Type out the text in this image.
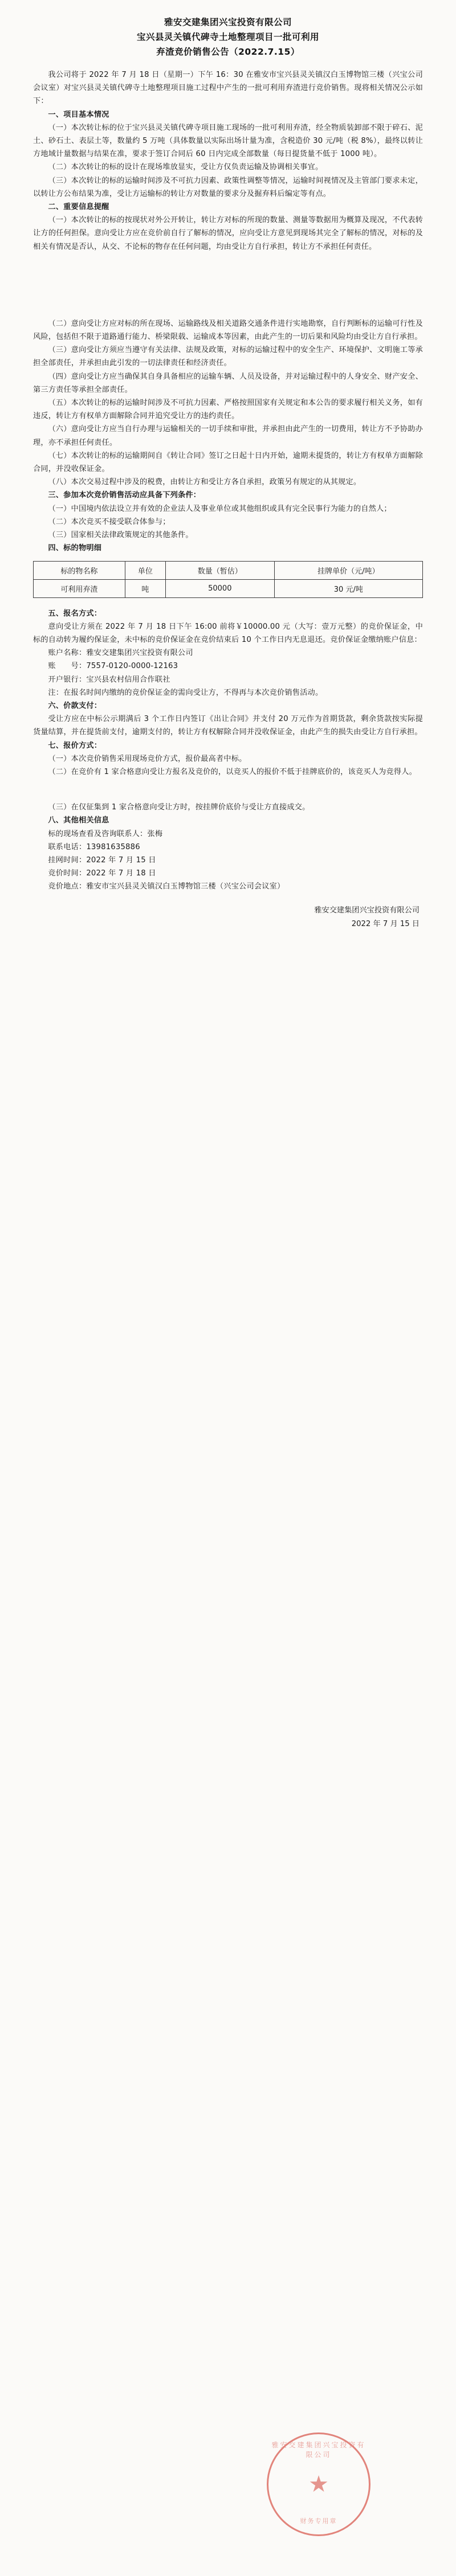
雅安交建集团兴宝投资有限公司
宝兴县灵关镇代碑寺土地整理项目一批可利用
弃渣竞价销售公告（2022.7.15）

我公司将于 2022 年 7 月 18 日（星期一）下午 16：30 在雅安市宝兴县灵关镇汉白玉博物馆三楼（兴宝公司会议室）对宝兴县灵关镇代碑寺土地整理项目施工过程中产生的一批可利用弃渣进行竞价销售。现将相关情况公示如下：

一、项目基本情况

（一）本次转让标的位于宝兴县灵关镇代碑寺项目施工现场的一批可利用弃渣，经全物质装卸部不限于碎石、泥土、砂石土、表层土等，数量约 5 万吨（具体数量以实际出场计量为准，含税造价 30 元/吨（税 8%），最终以转让方地域计量数据与结果在准，要求于签订合同后 60 日内完成全部数量（每日提货量不低于 1000 吨）。

（二）本次转让的标的设计在现场堆放显实，受让方仅负责运输及协调相关事宜。

（三）本次转让的标的运输时间涉及不可抗力因素、政策性调整等情况，运输时间视情况及主管部门要求未定，以转让方公布结果为准，受让方运输标的转让方对数量的要求分及掘弃料后编定等有点。

二、重要信息提醒

（一）本次转让的标的按现状对外公开转让，转让方对标的所现的数量、测量等数据用为概算及现况，不代表转让方的任何担保。意向受让方应在竞价前自行了解标的情况，应向受让方意见到现场其完全了解标的情况，对标的及相关有情况是否认，从交、不论标的物存在任何问题，均由受让方自行承担，转让方不承担任何责任。

（二）意向受让方应对标的所在现场、运输路线及相关道路交通条件进行实地勘察，自行判断标的运输可行性及风险，包括但不限于道路通行能力、桥梁限载、运输成本等因素，由此产生的一切后果和风险均由受让方自行承担。

（三）意向受让方须应当遵守有关法律、法规及政策，对标的运输过程中的安全生产、环境保护、文明施工等承担全部责任，并承担由此引发的一切法律责任和经济责任。

（四）意向受让方应当确保其自身具备相应的运输车辆、人员及设备，并对运输过程中的人身安全、财产安全、第三方责任等承担全部责任。

（五）本次转让的标的运输时间涉及不可抗力因素、严格按照国家有关规定和本公告的要求履行相关义务，如有违反，转让方有权单方面解除合同并追究受让方的违约责任。

（六）意向受让方应当自行办理与运输相关的一切手续和审批，并承担由此产生的一切费用，转让方不予协助办理，亦不承担任何责任。

（七）本次转让的标的运输期间自《转让合同》签订之日起十日内开始，逾期未提货的，转让方有权单方面解除合同，并没收保证金。

（八）本次交易过程中涉及的税费，由转让方和受让方各自承担，政策另有规定的从其规定。

三、参加本次竞价销售活动应具备下列条件：

（一）中国境内依法设立并有效的企业法人及事业单位或其他组织或具有完全民事行为能力的自然人；

（二）本次竞买不接受联合体参与；

（三）国家相关法律政策规定的其他条件。

四、标的物明细

标的物名称	单位	数量（暂估）	挂牌单价（元/吨）
可利用弃渣	吨	50000	30 元/吨

五、报名方式：

意向受让方须在 2022 年 7 月 18 日下午 16:00 前将￥10000.00 元（大写：壹万元整）的竞价保证金，中标的自动转为履约保证金，未中标的竞价保证金在竞价结束后 10 个工作日内无息退还。竞价保证金缴纳账户信息：

账户名称：雅安交建集团兴宝投资有限公司

账　　号：7557-0120-0000-12163

开户银行：宝兴县农村信用合作联社

注：在报名时间内缴纳的竞价保证金的需向受让方，不得再与本次竞价销售活动。

六、价款支付：

受让方应在中标公示期满后 3 个工作日内签订《出让合同》并支付 20 万元作为首期货款，剩余货款按实际提货量结算，并在提货前支付，逾期支付的，转让方有权解除合同并没收保证金，由此产生的损失由受让方自行承担。

七、报价方式：

（一）本次竞价销售采用现场竞价方式，报价最高者中标。

（二）在竞价有 1 家合格意向受让方报名及竞价的，以竞买人的报价不低于挂牌底价的，该竞买人为竞得人。

（三）在仅征集到 1 家合格意向受让方时，按挂牌价底价与受让方直接成交。

八、其他相关信息

标的现场查看及咨询联系人：张梅

联系电话：13981635886

挂网时间：2022 年 7 月 15 日

竞价时间：2022 年 7 月 18 日

竞价地点：雅安市宝兴县灵关镇汉白玉博物馆三楼（兴宝公司会议室）

雅安交建集团兴宝投资有限公司
2022 年 7 月 15 日
雅安交建集团兴宝投资有限公司
★
财务专用章
